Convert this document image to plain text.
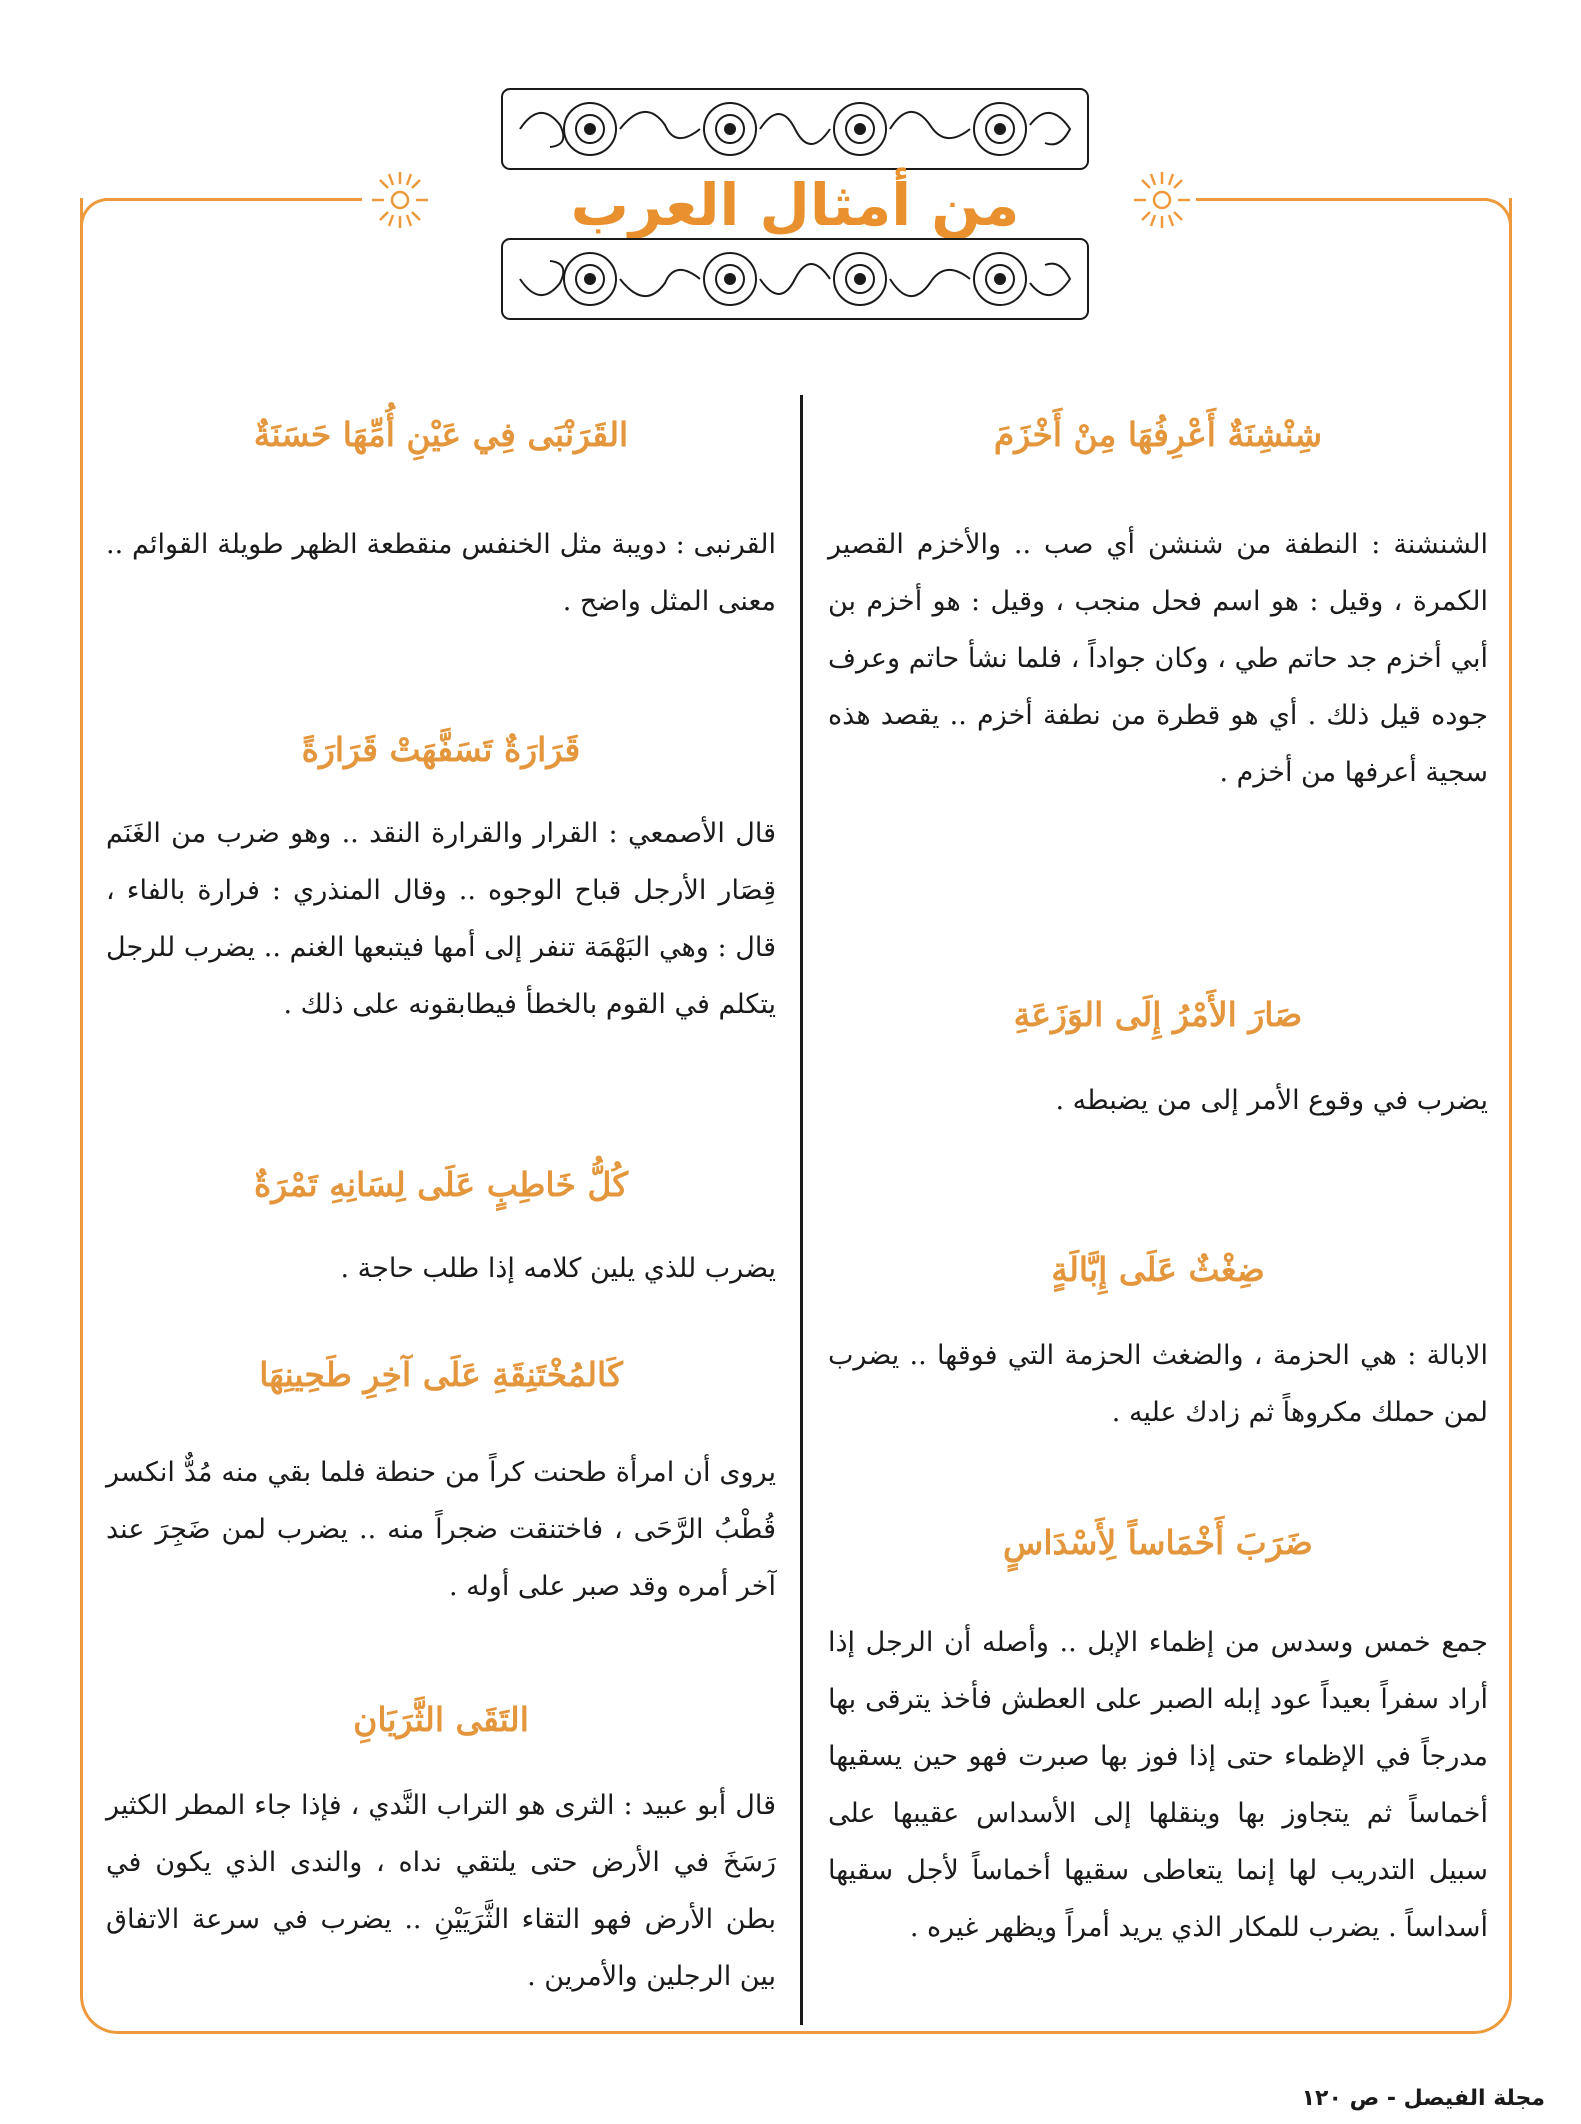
من أمثال العرب
شِنْشِنَةٌ أَعْرِفُهَا مِنْ أَخْزَمَ

الشنشنة : النطفة من شنشن أي صب .. والأخزم القصير الكمرة ، وقيل : هو اسم فحل منجب ، وقيل : هو أخزم بن أبي أخزم جد حاتم طي ، وكان جواداً ، فلما نشأ حاتم وعرف جوده قيل ذلك . أي هو قطرة من نطفة أخزم .. يقصد هذه سجية أعرفها من أخزم .

صَارَ الأَمْرُ إِلَى الوَزَعَةِ

يضرب في وقوع الأمر إلى من يضبطه .

ضِغْثٌ عَلَى إِبَّالَةٍ

الابالة : هي الحزمة ، والضغث الحزمة التي فوقها .. يضرب لمن حملك مكروهاً ثم زادك عليه .

ضَرَبَ أَخْمَاساً لِأَسْدَاسٍ

جمع خمس وسدس من إظماء الإبل .. وأصله أن الرجل إذا أراد سفراً بعيداً عود إبله الصبر على العطش فأخذ يترقى بها مدرجاً في الإظماء حتى إذا فوز بها صبرت فهو حين يسقيها أخماساً ثم يتجاوز بها وينقلها إلى الأسداس عقيبها على سبيل التدريب لها إنما يتعاطى سقيها أخماساً لأجل سقيها أسداساً . يضرب للمكار الذي يريد أمراً ويظهر غيره .

القَرَنْبَى فِي عَيْنِ أُمِّهَا حَسَنَةٌ

القرنبى : دويبة مثل الخنفس منقطعة الظهر طويلة القوائم .. معنى المثل واضح .

قَرَارَةٌ تَسَفَّهَتْ قَرَارَةً

قال الأصمعي : القرار والقرارة النقد .. وهو ضرب من الغَنَم قِصَار الأرجل قباح الوجوه .. وقال المنذري : فرارة بالفاء ، قال : وهي البَهْمَة تنفر إلى أمها فيتبعها الغنم .. يضرب للرجل يتكلم في القوم بالخطأ فيطابقونه على ذلك .

كُلُّ خَاطِبٍ عَلَى لِسَانِهِ تَمْرَةٌ

يضرب للذي يلين كلامه إذا طلب حاجة .

كَالمُخْتَنِقَةِ عَلَى آخِرِ طَحِينِهَا

يروى أن امرأة طحنت كراً من حنطة فلما بقي منه مُدٌّ انكسر قُطْبُ الرَّحَى ، فاختنقت ضجراً منه .. يضرب لمن ضَجِرَ عند آخر أمره وقد صبر على أوله .

التَقَى الثَّرَيَانِ

قال أبو عبيد : الثرى هو التراب النَّدي ، فإذا جاء المطر الكثير رَسَخَ في الأرض حتى يلتقي نداه ، والندى الذي يكون في بطن الأرض فهو التقاء الثَّرَيَيْنِ .. يضرب في سرعة الاتفاق بين الرجلين والأمرين .

مجلة الفيصل - ص ١٢٠
